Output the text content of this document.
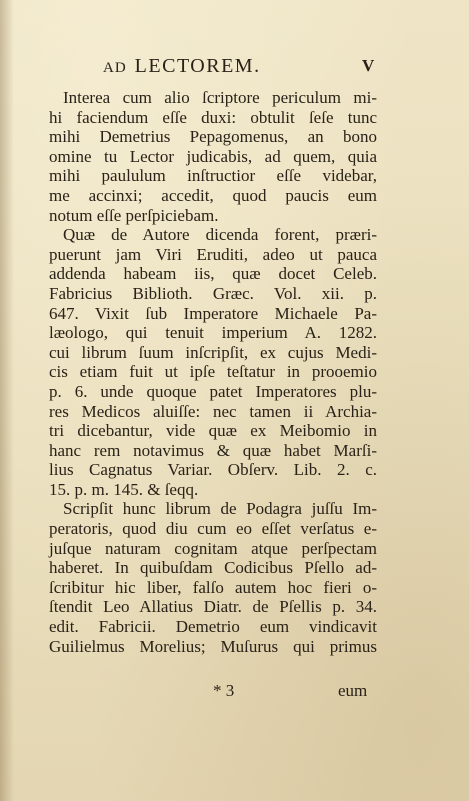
AD LECTOREM.	V
Interea cum alio ſcriptore periculum mi-
hi faciendum eſſe duxi: obtulit ſeſe tunc
mihi Demetrius Pepagomenus, an bono
omine tu Lector judicabis, ad quem, quia
mihi paululum inſtructior eſſe videbar,
me accinxi; accedit, quod paucis eum
notum eſſe perſpiciebam.
Quæ de Autore dicenda forent, præri-
puerunt jam Viri Eruditi, adeo ut pauca
addenda habeam iis, quæ docet Celeb.
Fabricius Biblioth. Græc. Vol. xii. p.
647. Vixit ſub Imperatore Michaele Pa-
læologo, qui tenuit imperium A. 1282.
cui librum ſuum inſcripſit, ex cujus Medi-
cis etiam fuit ut ipſe teſtatur in prooemio
p. 6. unde quoque patet Imperatores plu-
res Medicos aluiſſe: nec tamen ii Archia-
tri dicebantur, vide quæ ex Meibomio in
hanc rem notavimus & quæ habet Marſi-
lius Cagnatus Variar. Obſerv. Lib. 2. c.
15. p. m. 145. & ſeqq.
Scripſit hunc librum de Podagra juſſu Im-
peratoris, quod diu cum eo eſſet verſatus e-
juſque naturam cognitam atque perſpectam
haberet. In quibuſdam Codicibus Pſello ad-
ſcribitur hic liber, falſo autem hoc fieri o-
ſtendit Leo Allatius Diatr. de Pſellis p. 34.
edit. Fabricii. Demetrio eum vindicavit
Guilielmus Morelius; Muſurus qui primus
* 3	eum
